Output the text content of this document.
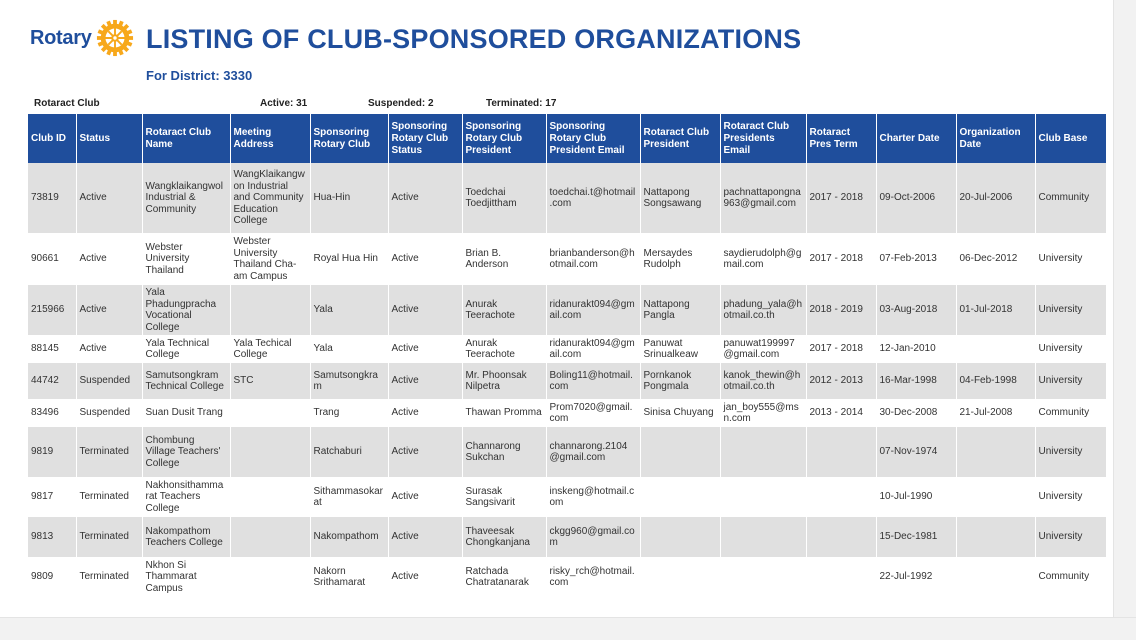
Rotary LISTING OF CLUB-SPONSORED ORGANIZATIONS
For District: 3330
Rotaract Club	Active: 31	Suspended: 2	Terminated: 17
Club ID	Status	Rotaract Club Name	Meeting Address	Sponsoring Rotary Club	Sponsoring Rotary Club Status	Sponsoring Rotary Club President	Sponsoring Rotary Club President Email	Rotaract Club President	Rotaract Club Presidents Email	Rotaract Pres Term	Charter Date	Organization Date	Club Base
73819	Active	Wangklaikangwol Industrial & Community	WangKlaikangwon Industrial and Community Education College	Hua-Hin	Active	Toedchai Toedjittham	toedchai.t@hotmail.com	Nattapong Songsawang	pachnattapongna963@gmail.com	2017 - 2018	09-Oct-2006	20-Jul-2006	Community
90661	Active	Webster University Thailand	Webster University Thailand Cha-am Campus	Royal Hua Hin	Active	Brian B. Anderson	brianbanderson@hotmail.com	Mersaydes Rudolph	saydierudolph@gmail.com	2017 - 2018	07-Feb-2013	06-Dec-2012	University
215966	Active	Yala Phadungprachа Vocational College		Yala	Active	Anurak Teerachote	ridanurakt094@gmail.com	Nattapong Pangla	phadung_yala@hotmail.co.th	2018 - 2019	03-Aug-2018	01-Jul-2018	University
88145	Active	Yala Technical College	Yala Techical College	Yala	Active	Anurak Teerachote	ridanurakt094@gmail.com	Panuwat Srinualkeaw	panuwat199997@gmail.com	2017 - 2018	12-Jan-2010		University
44742	Suspended	Samutsongkram Technical College	STC	Samutsongkram	Active	Mr. Phoonsak Nilpetra	Boling11@hotmail.com	Pornkanok Pongmala	kanok_thewin@hotmail.co.th	2012 - 2013	16-Mar-1998	04-Feb-1998	University
83496	Suspended	Suan Dusit Trang		Trang	Active	Thawan Promma	Prom7020@gmail.com	Sinisa Chuyang	jan_boy555@msn.com	2013 - 2014	30-Dec-2008	21-Jul-2008	Community
9819	Terminated	Chombung Village Teachers' College		Ratchaburi	Active	Channarong Sukchan	channarong.2104@gmail.com				07-Nov-1974		University
9817	Terminated	Nakhonsithammarat Teachers College		Sithammasokarat	Active	Surasak Sangsivarit	inskeng@hotmail.com				10-Jul-1990		University
9813	Terminated	Nakompathom Teachers College		Nakompathom	Active	Thaveesak Chongkanjana	ckgg960@gmail.com				15-Dec-1981		University
9809	Terminated	Nkhon Si Thammarat Campus		Nakorn Srithamarat	Active	Ratchada Chatratanarak	risky_rch@hotmail.com				22-Jul-1992		Community
